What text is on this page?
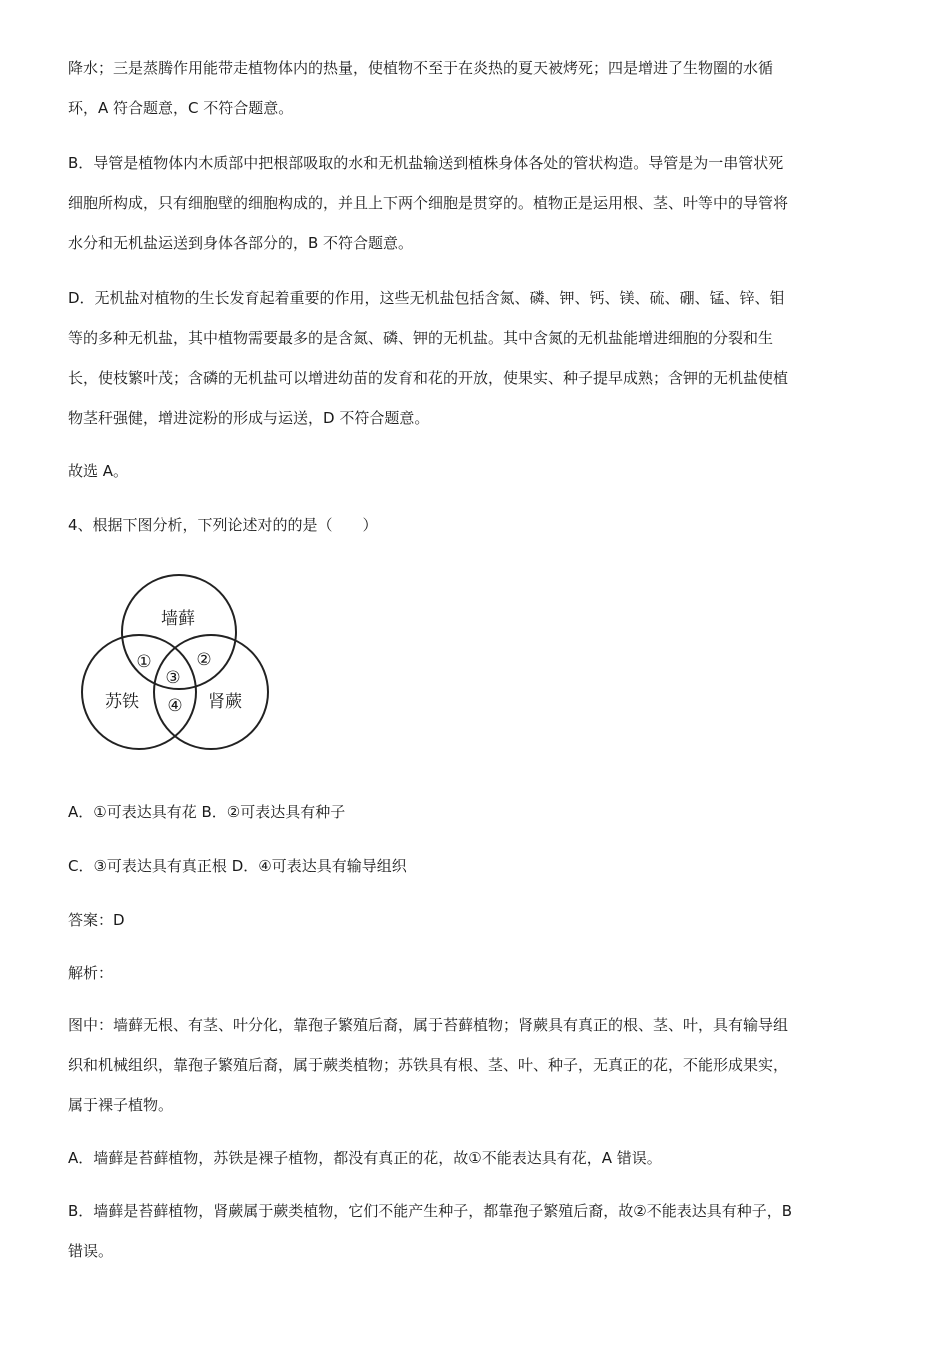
降水；三是蒸腾作用能带走植物体内的热量，使植物不至于在炎热的夏天被烤死；四是增进了生物圈的水循
环，A 符合题意，C 不符合题意。

B．导管是植物体内木质部中把根部吸取的水和无机盐输送到植株身体各处的管状构造。导管是为一串管状死
细胞所构成，只有细胞壁的细胞构成的，并且上下两个细胞是贯穿的。植物正是运用根、茎、叶等中的导管将
水分和无机盐运送到身体各部分的，B 不符合题意。

D．无机盐对植物的生长发育起着重要的作用，这些无机盐包括含氮、磷、钾、钙、镁、硫、硼、锰、锌、钼
等的多种无机盐，其中植物需要最多的是含氮、磷、钾的无机盐。其中含氮的无机盐能增进细胞的分裂和生
长，使枝繁叶茂；含磷的无机盐可以增进幼苗的发育和花的开放，使果实、种子提早成熟；含钾的无机盐使植
物茎秆强健，增进淀粉的形成与运送，D 不符合题意。

故选 A。

4、根据下图分析，下列论述对的的是（　　）

墙藓
苏铁	肾蕨
①	②
③
④

A．①可表达具有花 B．②可表达具有种子

C．③可表达具有真正根 D．④可表达具有输导组织

答案：D

解析：

图中：墙藓无根、有茎、叶分化，靠孢子繁殖后裔，属于苔藓植物；肾蕨具有真正的根、茎、叶，具有输导组
织和机械组织，靠孢子繁殖后裔，属于蕨类植物；苏铁具有根、茎、叶、种子，无真正的花，不能形成果实，
属于裸子植物。

A．墙藓是苔藓植物，苏铁是裸子植物，都没有真正的花，故①不能表达具有花，A 错误。

B．墙藓是苔藓植物，肾蕨属于蕨类植物，它们不能产生种子，都靠孢子繁殖后裔，故②不能表达具有种子，B
错误。
